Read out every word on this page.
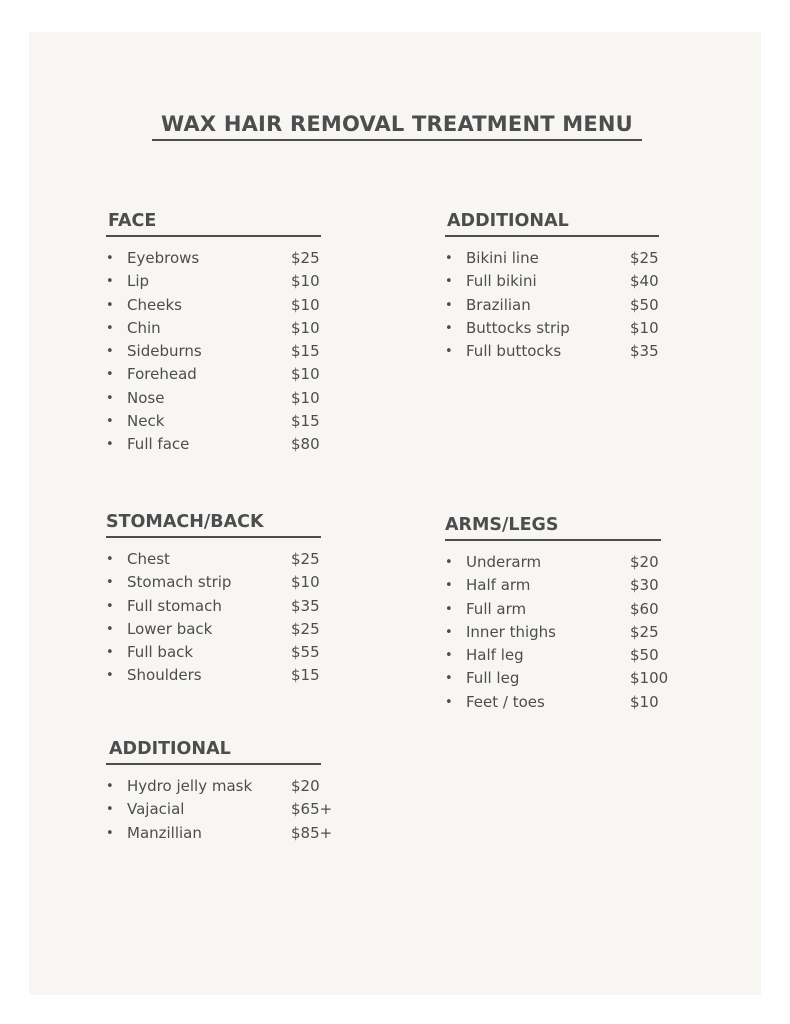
WAX HAIR REMOVAL TREATMENT MENU
FACE
• Eyebrows	$25
• Lip	$10
• Cheeks	$10
• Chin	$10
• Sideburns	$15
• Forehead	$10
• Nose	$10
• Neck	$15
• Full face	$80
ADDITIONAL
• Bikini line	$25
• Full bikini	$40
• Brazilian	$50
• Buttocks strip	$10
• Full buttocks	$35
STOMACH/BACK
• Chest	$25
• Stomach strip	$10
• Full stomach	$35
• Lower back	$25
• Full back	$55
• Shoulders	$15
ARMS/LEGS
• Underarm	$20
• Half arm	$30
• Full arm	$60
• Inner thighs	$25
• Half leg	$50
• Full leg	$100
• Feet / toes	$10
ADDITIONAL
• Hydro jelly mask	$20
• Vajacial	$65+
• Manzillian	$85+
